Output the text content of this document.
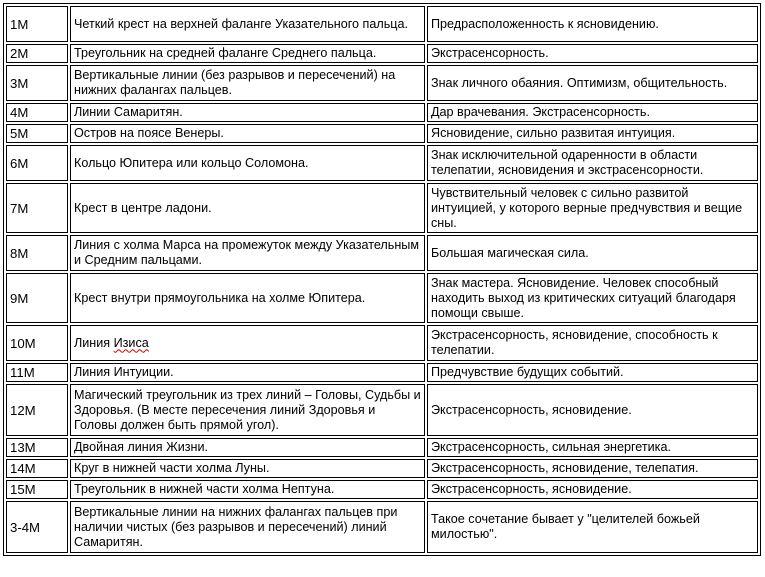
1М	Четкий крест на верхней фаланге Указательного пальца.	Предрасположенность к ясновидению.
2М	Треугольник на средней фаланге Среднего пальца.	Экстрасенсорность.
3М	Вертикальные линии (без разрывов и пересечений) на нижних фалангах пальцев.	Знак личного обаяния. Оптимизм, общительность.
4М	Линии Самаритян.	Дар врачевания. Экстрасенсорность.
5М	Остров на поясе Венеры.	Ясновидение, сильно развитая интуиция.
6М	Кольцо Юпитера или кольцо Соломона.	Знак исключительной одаренности в области телепатии, ясновидения и экстрасенсорности.
7М	Крест в центре ладони.	Чувствительный человек с сильно развитой интуицией, у которого верные предчувствия и вещие сны.
8М	Линия с холма Марса на промежуток между Указательным и Средним пальцами.	Большая магическая сила.
9М	Крест внутри прямоугольника на холме Юпитера.	Знак мастера. Ясновидение. Человек способный находить выход из критических ситуаций благодаря помощи свыше.
10М	Линия Изиса	Экстрасенсорность, ясновидение, способность к телепатии.
11М	Линия Интуиции.	Предчувствие будущих событий.
12М	Магический треугольник из трех линий – Головы, Судьбы и Здоровья. (В месте пересечения линий Здоровья и Головы должен быть прямой угол).	Экстрасенсорность, ясновидение.
13М	Двойная линия Жизни.	Экстрасенсорность, сильная энергетика.
14М	Круг в нижней части холма Луны.	Экстрасенсорность, ясновидение, телепатия.
15М	Треугольник в нижней части холма Нептуна.	Экстрасенсорность, ясновидение.
3-4М	Вертикальные линии на нижних фалангах пальцев при наличии чистых (без разрывов и пересечений) линий Самаритян.	Такое сочетание бывает у "целителей божьей милостью".
